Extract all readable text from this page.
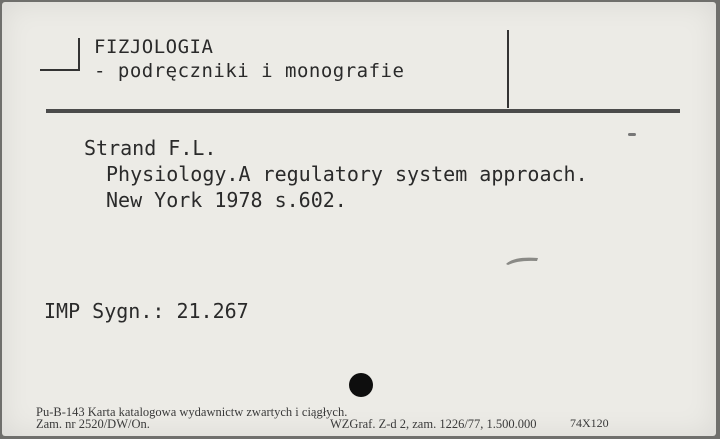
FIZJOLOGIA
- podręczniki i monografie
Strand F.L.
Physiology.A regulatory system approach.
New York 1978 s.602.
IMP Sygn.: 21.267
Pu-B-143 Karta katalogowa wydawnictw zwartych i ciągłych.
Zam. nr 2520/DW/On.	WZGraf. Z-d 2, zam. 1226/77, 1.500.000	74X120
